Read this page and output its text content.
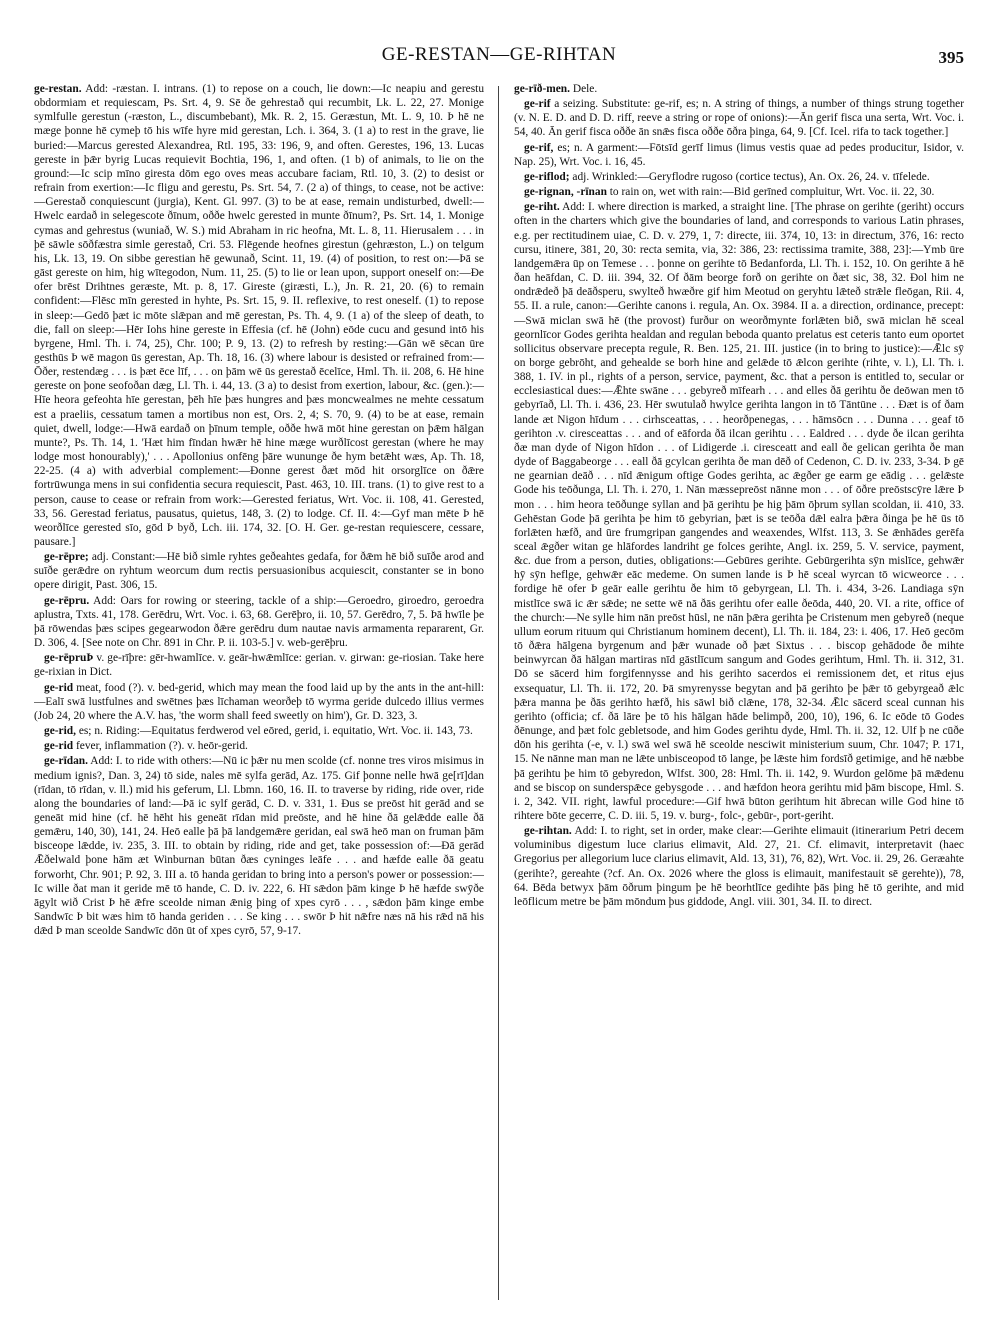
GE-RESTAN—GE-RIHTAN	395

ge-restan. Add: -ræstan. I. intrans. (1) to repose on a couch, lie down:—Ic neapiu and gerestu obdormiam et requiescam, Ps. Srt. 4, 9. Sē ðe gehrestað qui recumbit, Lk. L. 22, 27. Monige symlfulle gerestun (-ræston, L., discumbebant), Mk. R. 2, 15. Geræstun, Mt. L. 9, 10. Þ hē ne mæge þonne hē cymeþ tō his wīfe hyre mid gerestan, Lch. i. 364, 3. (1 a) to rest in the grave, lie buried:—Marcus gerested Alexandrea, Rtl. 195, 33: 196, 9, and often. Gerestes, 196, 13. Lucas gereste in þǣr byrig Lucas requievit Bochtia, 196, 1, and often. (1 b) of animals, to lie on the ground:—Ic scip mīno giresta dōm ego oves meas accubare faciam, Rtl. 10, 3. (2) to desist or refrain from exertion:—Ic fligu and gerestu, Ps. Srt. 54, 7. (2 a) of things, to cease, not be active:—Gerestað conquiescunt (jurgia), Kent. Gl. 997. (3) to be at ease, remain undisturbed, dwell:—Hwelc eardað in selegescote ðīnum, oððe hwelc gerested in munte ðīnum?, Ps. Srt. 14, 1. Monige cymas and gehrestus (wuniað, W. S.) mid Abraham in ric heofna, Mt. L. 8, 11. Hierusalem . . . in þē sāwle sōðfæstra simle gerestað, Cri. 53. Flēgende heofnes girestun (gehræston, L.) on telgum his, Lk. 13, 19. On sibbe gerestian hē gewunað, Scint. 11, 19. (4) of position, to rest on:—Þā se gāst gereste on him, hig wītegodon, Num. 11, 25. (5) to lie or lean upon, support oneself on:—Ðe ofer brēst Drihtnes geræste, Mt. p. 8, 17. Gireste (giræsti, L.), Jn. R. 21, 20. (6) to remain confident:—Flēsc mīn gerested in hyhte, Ps. Srt. 15, 9. II. reflexive, to rest oneself. (1) to repose in sleep:—Gedō þæt ic mōte slǣpan and mē gerestan, Ps. Th. 4, 9. (1 a) of the sleep of death, to die, fall on sleep:—Hēr Iohs hine gereste in Effesia (cf. hē (John) eōde cucu and gesund intō his byrgene, Hml. Th. i. 74, 25), Chr. 100; P. 9, 13. (2) to refresh by resting:—Gān wē sēcan ūre gesthūs Þ wē magon ūs gerestan, Ap. Th. 18, 16. (3) where labour is desisted or refrained from:—Ōðer, restendæg . . . is þæt ēce līf, . . . on þām wē ūs gerestað ēcelīce, Hml. Th. ii. 208, 6. Hē hine gereste on þone seofoðan dæg, Ll. Th. i. 44, 13. (3 a) to desist from exertion, labour, &c. (gen.):—Hīe heora gefeohta hīe gerestan, þēh hīe þæs hungres and þæs moncwealmes ne mehte cessatum est a praeliis, cessatum tamen a mortibus non est, Ors. 2, 4; S. 70, 9. (4) to be at ease, remain quiet, dwell, lodge:—Hwā eardað on þīnum temple, oððe hwā mōt hine gerestan on þǣm hālgan munte?, Ps. Th. 14, 1. 'Hæt him fīndan hwǣr hē hine mæge wurðlīcost gerestan (where he may lodge most honourably),' . . . Apollonius onfēng þāre wununge ðe hym betǣht wæs, Ap. Th. 18, 22-25. (4 a) with adverbial complement:—Ðonne gerest ðæt mōd hit orsorglīce on ðǣre fortrūwunga mens in sui confidentia secura requiescit, Past. 463, 10. III. trans. (1) to give rest to a person, cause to cease or refrain from work:—Gerested feriatus, Wrt. Voc. ii. 108, 41. Gerested, 33, 56. Gerestad feriatus, pausatus, quietus, 148, 3. (2) to lodge. Cf. II. 4:—Gyf man mēte Þ hē weorðlīce gerested sīo, gōd Þ byð, Lch. iii. 174, 32. [O. H. Ger. ge-restan requiescere, cessare, pausare.]

ge-rēpre; adj. Constant:—Hē bið simle ryhtes geðeahtes gedafa, for ðǣm hē bið suīðe arod and suīðe gerǣdre on ryhtum weorcum dum rectis persuasionibus acquiescit, constanter se in bono opere dirigit, Past. 306, 15.

ge-rēpru. Add: Oars for rowing or steering, tackle of a ship:—Geroedro, giroedro, geroedra aplustra, Txts. 41, 178. Gerēdru, Wrt. Voc. i. 63, 68. Gerēþro, ii. 10, 57. Gerēdro, 7, 5. Þā hwīle þe þā rōwendas þæs scipes gegearwodon ðǣre gerēdru dum nautae navis armamenta repararent, Gr. D. 306, 4. [See note on Chr. 891 in Chr. P. ii. 103-5.] v. web-gerēþru.

ge-rēpruÞ v. ge-rīþre: gēr-hwamlīce. v. geār-hwǣmlīce: gerian. v. girwan: ge-riosian. Take here ge-rixian in Dict.

ge-rid meat, food (?). v. bed-gerid, which may mean the food laid up by the ants in the ant-hill:—Ealī swā lustfulnes and swētnes þæs līchaman weorðeþ tō wyrma geride dulcedo illius vermes (Job 24, 20 where the A.V. has, 'the worm shall feed sweetly on him'), Gr. D. 323, 3.

ge-rid, es; n. Riding:—Equitatus ferdwerod vel eōred, gerid, i. equitatio, Wrt. Voc. ii. 143, 73.

ge-rid fever, inflammation (?). v. heōr-gerid.

ge-rīdan. Add: I. to ride with others:—Nū ic þǣr nu men scolde (cf. nonne tres viros misimus in medium ignis?, Dan. 3, 24) tō side, nales mē sylfa gerād, Az. 175. Gif þonne nelle hwā ge[rī]dan (rīdan, tō rīdan, v. ll.) mid his geferum, Ll. Lbmn. 160, 16. II. to traverse by riding, ride over, ride along the boundaries of land:—Þā ic sylf gerād, C. D. v. 331, 1. Ðus se preōst hit gerād and se geneāt mid hine (cf. hē hēht his geneāt rīdan mid preōste, and hē hine ðā gelǣdde ealle ðā gemǣru, 140, 30), 141, 24. Heō ealle þā þā landgemǣre geridan, eal swā heō man on fruman þām bisceope lǣdde, iv. 235, 3. III. to obtain by riding, ride and get, take possession of:—Ðā gerād Ǣðelwald þone hām æt Winburnan būtan ðæs cyninges leāfe . . . and hæfde ealle ðā geatu forworht, Chr. 901; P. 92, 3. III a. tō handa geridan to bring into a person's power or possession:—Ic wille ðat man it geride mē tō hande, C. D. iv. 222, 6. Hī sǣdon þām kinge Þ hē hæfde swȳðe āgylt wið Crist Þ hē ǣfre sceolde niman ǣnig þing of xpes cyrō . . . , sǣdon þām kinge embe Sandwīc Þ bit wæs him tō handa geriden . . . Se king . . . swōr Þ hit nǣfre næs nā his rǣd nā his dǣd Þ man sceolde Sandwīc dōn ūt of xpes cyrō, 57, 9-17.

ge-rīð-men. Dele.

ge-rif a seizing. Substitute: ge-rif, es; n. A string of things, a number of things strung together (v. N. E. D. and D. D. riff, reeve a string or rope of onions):—Ān gerif fisca una serta, Wrt. Voc. i. 54, 40. Ān gerif fisca oððe ān snǣs fisca oððe ōðra þinga, 64, 9. [Cf. Icel. rifa to tack together.]

ge-rif, es; n. A garment:—Fōtsīd gerīf limus (limus vestis quae ad pedes producitur, Isidor, v. Nap. 25), Wrt. Voc. i. 16, 45.

ge-riflod; adj. Wrinkled:—Geryflodre rugoso (cortice tectus), An. Ox. 26, 24. v. tīfelede.

ge-rignan, -rīnan to rain on, wet with rain:—Bid gerīned compluitur, Wrt. Voc. ii. 22, 30.

ge-riht. Add: I. where direction is marked, a straight line. [The phrase on gerihte (geriht) occurs often in the charters which give the boundaries of land, and corresponds to various Latin phrases, e.g. per rectitudinem uiae, C. D. v. 279, 1, 7: directe, iii. 374, 10, 13: in directum, 376, 16: recto cursu, itinere, 381, 20, 30: recta semita, via, 32: 386, 23: rectissima tramite, 388, 23]:—Ymb ūre landgemǣra ūp on Temese . . . þonne on gerihte tō Bedanforda, Ll. Th. i. 152, 10. On gerihte ā hē ðan heāfdan, C. D. iii. 394, 32. Of ðām beorge forð on gerihte on ðæt sic, 38, 32. Ðol him ne ondrǣdeð þā deāðsperu, swylteð hwæðre gif him Meotud on geryhtu lǣteð strǣle fleōgan, Rii. 4, 55. II. a rule, canon:—Gerihte canons i. regula, An. Ox. 3984. II a. a direction, ordinance, precept:—Swā miclan swā hē (the provost) furður on weorðmynte forlǣten bið, swā miclan hē sceal geornlīcor Godes gerihta healdan and regulan beboda quanto prelatus est ceteris tanto eum oportet sollicitus observare precepta regule, R. Ben. 125, 21. III. justice (in to bring to justice):—Ǣlc sȳ on borge gebrōht, and gehealde se borh hine and gelǣde tō ǣlcon gerihte (rihte, v. l.), Ll. Th. i. 388, 1. IV. in pl., rights of a person, service, payment, &c. that a person is entitled to, secular or ecclesiastical dues:—Ǣhte swāne . . . gebyreð mīfearh . . . and elles ðā gerihtu ðe deōwan men tō gebyrīað, Ll. Th. i. 436, 23. Hēr swutulað hwylce gerihta langon in tō Tāntūne . . . Ðæt is of ðam lande æt Nigon hīdum . . . cirhsceattas, . . . heorðpenegas, . . . hāmsōcn . . . Dunna . . . geaf tō gerihton .v. ciresceattas . . . and of eāforda ðā ilcan gerihtu . . . Ealdred . . . dyde ðe ilcan gerihta ðæ man dyde of Nigon hīdon . . . of Lidigerde .i. ciresceatt and eall ðe gelican gerihta ðe man dyde of Baggabeorge . . . eall ðā gcylcan gerihta ðe man dēð of Cedenon, C. D. iv. 233, 3-34. Þ gē ne gearnian deāð . . . nīd ǣnigum oftige Godes gerihta, ac ǣgðer ge earm ge eādig . . . gelǣste Gode his teōðunga, Ll. Th. i. 270, 1. Nān mæssepreōst nānne mon . . . of ōðre preōstscȳre lǣre Þ mon . . . him heora teōðunge syllan and þā gerihtu þe hig þām ōþrum syllan scoldan, ii. 410, 33. Gehēstan Gode þā gerihta þe him tō gebyrian, þæt is se teōða dǣl ealra þǣra ðinga þe hē ūs tō forlǣten hæfð, and ūre frumgripan gangendes and weaxendes, Wlfst. 113, 3. Se ǣnhādes gerēfa sceal ǣgðer witan ge hlāfordes landriht ge folces gerihte, Angl. ix. 259, 5. V. service, payment, &c. due from a person, duties, obligations:—Gebūres gerihte. Gebūrgerihta sȳn mislīce, gehwǣr hȳ sȳn heflge, gehwǣr eāc medeme. On sumen lande is Þ hē sceal wyrcan tō wicweorce . . . fordige hē ofer Þ geār ealle gerihtu ðe him tō gebyrgean, Ll. Th. i. 434, 3-26. Landiaga sȳn mistlīce swā ic ǣr sǣde; ne sette wē nā ðās gerihtu ofer ealle ðeōda, 440, 20. VI. a rite, office of the church:—Ne sylle him nān preōst hūsl, ne nān þǣra gerihta þe Cristenum men gebyreð (neque ullum eorum rituum qui Christianum hominem decent), Ll. Th. ii. 184, 23: i. 406, 17. Heō gecōm tō ðǣra hālgena byrgenum and þǣr wunade oð þæt Sixtus . . . biscop gehādode ðe mihte beinwyrcan ðā hālgan martiras nīd gāstlīcum sangum and Godes gerihtum, Hml. Th. ii. 312, 31. Dō se sācerd him forgifennysse and his gerihto sacerdos ei remissionem det, et ritus ejus exsequatur, Ll. Th. ii. 172, 20. Þā smyrenysse begytan and þā gerihto þe þǣr tō gebyrgeað ǣlc þǣra manna þe ðās gerihto hæfð, his sāwl bið clǣne, 178, 32-34. Ǣlc sācerd sceal cunnan his gerihto (officia; cf. ðā lāre þe tō his hālgan hāde belimpð, 200, 10), 196, 6. Ic eōde tō Godes ðēnunge, and þæt folc gebletsode, and him Godes gerihtu dyde, Hml. Th. ii. 32, 12. Ulf þ ne cūðe dōn his gerihta (-e, v. l.) swā wel swā hē sceolde nesciwit ministerium suum, Chr. 1047; P. 171, 15. Ne nānne man man ne lǣte unbisceopod tō lange, þe lǣste him fordsīð getimige, and hē næbbe þā gerihtu þe him tō gebyredon, Wlfst. 300, 28: Hml. Th. ii. 142, 9. Wurdon gelōme þā mǣdenu and se biscop on sunderspǣce gebysgode . . . and hæfdon heora gerihtu mid þām biscope, Hml. S. i. 2, 342. VII. right, lawful procedure:—Gif hwā būton gerihtum hit ābrecan wille God hine tō rihtere bōte gecerre, C. D. iii. 5, 19. v. burg-, folc-, gebūr-, port-geriht.

ge-rihtan. Add: I. to right, set in order, make clear:—Gerihte elimauit (itinerarium Petri decem voluminibus digestum luce clarius elimavit, Ald. 27, 21. Cf. elimavit, interpretavit (haec Gregorius per allegorium luce clarius elimavit, Ald. 13, 31), 76, 82), Wrt. Voc. ii. 29, 26. Geræahte (gerihte?, gereahte (?cf. An. Ox. 2026 where the gloss is elimauit, manifestauit sē gerehte)), 78, 64. Bēda betwyx þām ōðrum þingum þe hē beorhtlīce gedihte þās þing hē tō gerihte, and mid leōflicum metre be þām mōndum þus giddode, Angl. viii. 301, 34. II. to direct.
